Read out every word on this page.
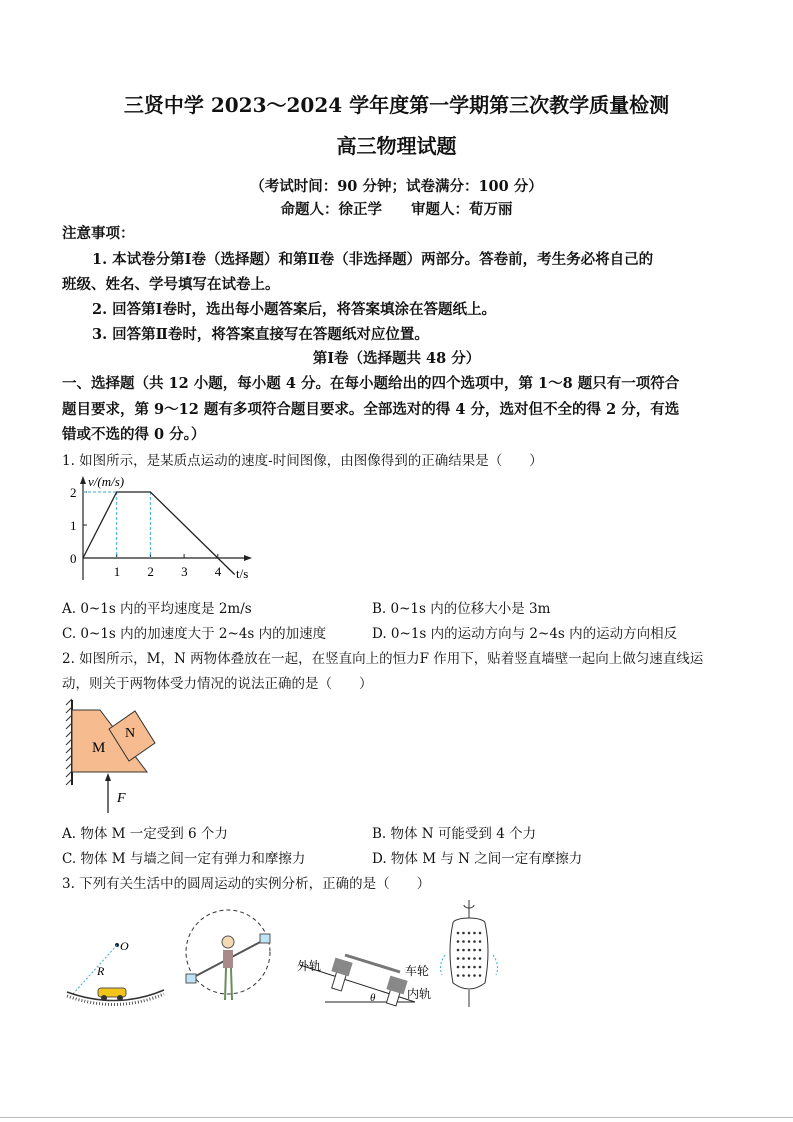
三贤中学 2023～2024 学年度第一学期第三次教学质量检测
高三物理试题
（考试时间：90 分钟；试卷满分：100 分）
命题人：徐正学　　审题人：荀万丽
注意事项：
1. 本试卷分第Ⅰ卷（选择题）和第Ⅱ卷（非选择题）两部分。答卷前，考生务必将自己的
班级、姓名、学号填写在试卷上。
2. 回答第Ⅰ卷时，选出每小题答案后，将答案填涂在答题纸上。
3. 回答第Ⅱ卷时，将答案直接写在答题纸对应位置。
第Ⅰ卷（选择题共 48 分）
一、选择题（共 12 小题，每小题 4 分。在每小题给出的四个选项中，第 1～8 题只有一项符合
题目要求，第 9～12 题有多项符合题目要求。全部选对的得 4 分，选对但不全的得 2 分，有选
错或不选的得 0 分。）
1. 如图所示，是某质点运动的速度-时间图像，由图像得到的正确结果是（　　）
v/(m/s)
t/s
0
1
2
1 2 3 4
A. 0~1s 内的平均速度是 2m/s	B. 0~1s 内的位移大小是 3m
C. 0~1s 内的加速度大于 2~4s 内的加速度	D. 0~1s 内的运动方向与 2~4s 内的运动方向相反
2. 如图所示，M，N 两物体叠放在一起，在竖直向上的恒力F 作用下，贴着竖直墙壁一起向上做匀速直线运
动，则关于两物体受力情况的说法正确的是（　　）
M
N
F
A. 物体 M 一定受到 6 个力	B. 物体 N 可能受到 4 个力
C. 物体 M 与墙之间一定有弹力和摩擦力	D. 物体 M 与 N 之间一定有摩擦力
3. 下列有关生活中的圆周运动的实例分析，正确的是（　　）
O
R	外轨	车轮
内轨
θ
